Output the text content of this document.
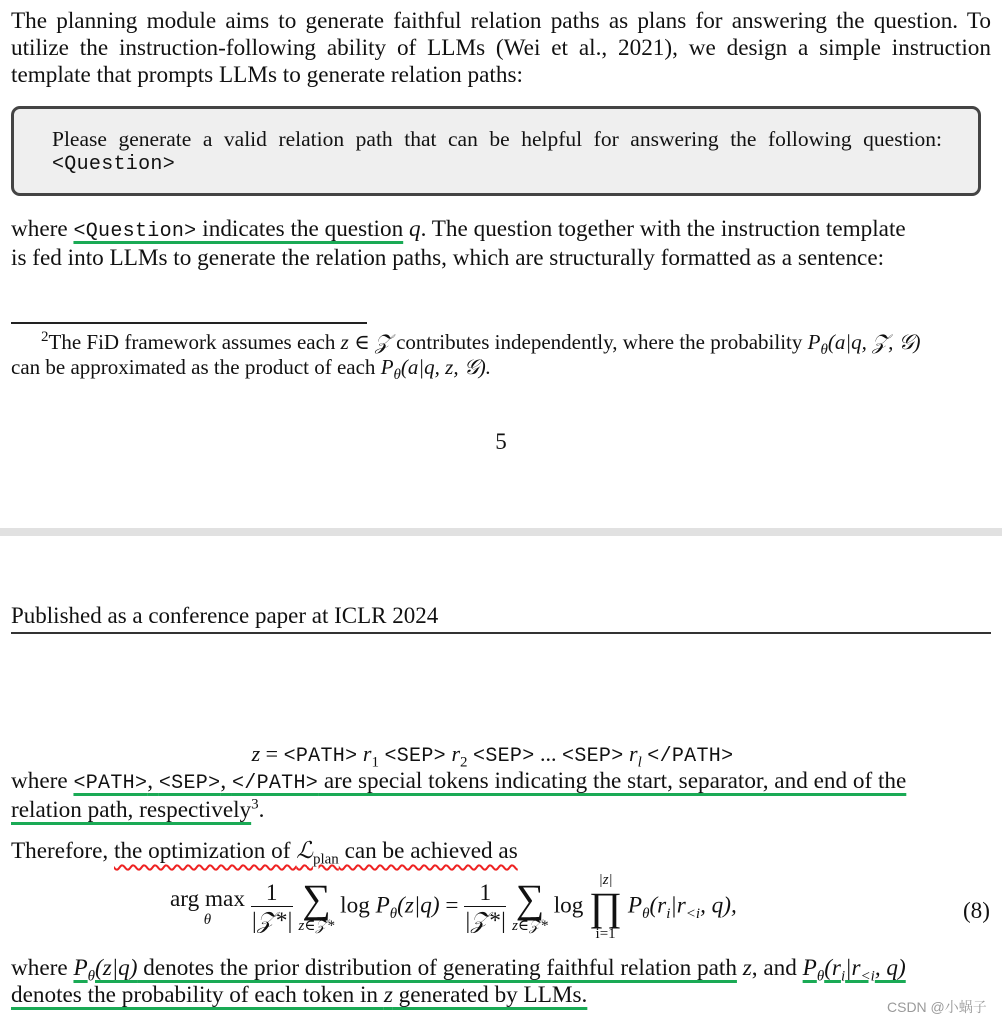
The planning module aims to generate faithful relation paths as plans for answering the question. To
utilize the instruction-following ability of LLMs (Wei et al., 2021), we design a simple instruction
template that prompts LLMs to generate relation paths:
Please generate a valid relation path that can be helpful for answering the following question:
<Question>
where <Question> indicates the question q. The question together with the instruction template
is fed into LLMs to generate the relation paths, which are structurally formatted as a sentence:
$^2$The FiD framework assumes each z ∈ 𝒵 contributes independently, where the probability $P_\theta(a|q$, 𝒵, 𝒢)
can be approximated as the product of each $P_\theta(a|q$, z, 𝒢).
5
Published as a conference paper at ICLR 2024
z = <PATH> $r_1 <SEP> r_2 <SEP>$ ... $<SEP> r_l$ </PATH>
where <PATH>, <SEP>, </PATH> are special tokens indicating the start, separator, and end of the
relation path, respectively$^3$.
Therefore, the optimization of ℒ$_{plan}$ can be achieved as
arg max
θ
	$\frac{1}{\text{|𝒵*|}}$
∑
z∈𝒵*
$\log P_\theta(z|q) = \frac{1}{\text{|𝒵*|}}$
∑
z∈𝒵*
log
|z|
∏
i=1
$P_\theta(r_i|r_{<i}$, q),	(8)
where $P_\theta(z|q)$ denotes the prior distribution of generating faithful relation path z, and $P_\theta(r_i|r_{<i}$, q)
denotes the probability of each token in z generated by LLMs.	CSDN @小蜗子
